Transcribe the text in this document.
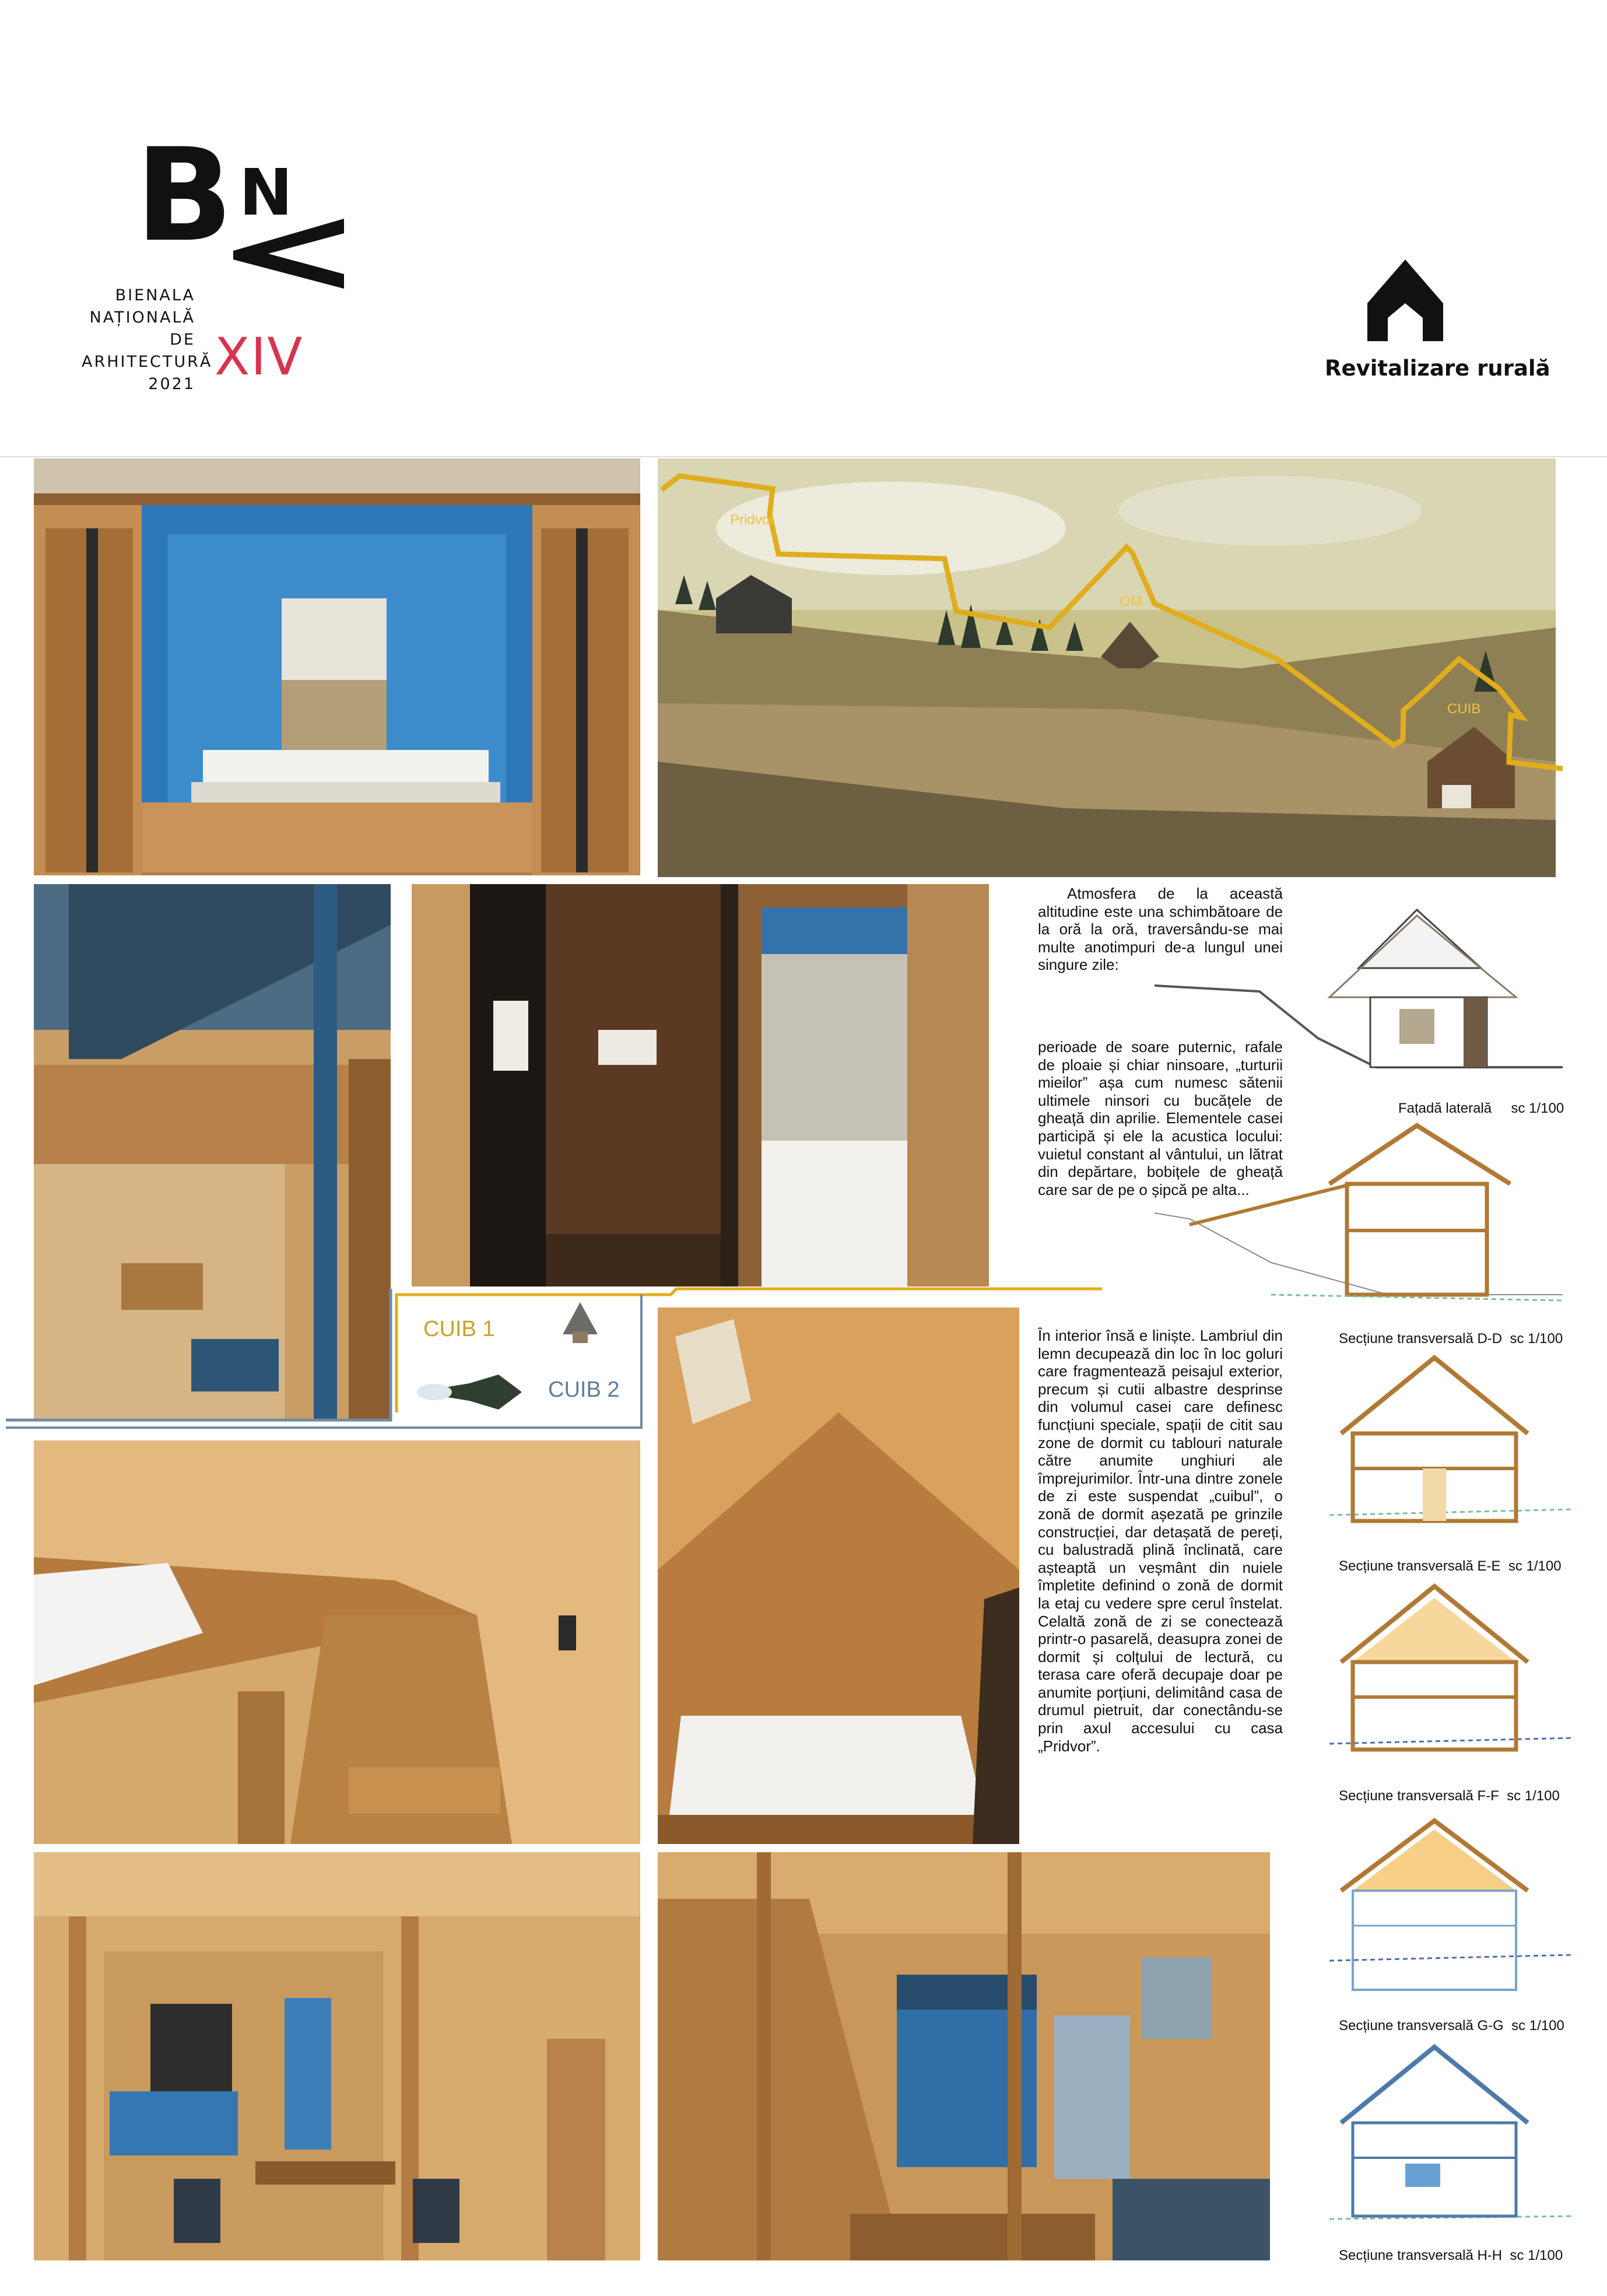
B N
BIENALA
NAȚIONALĂ
DE
ARHITECTURĂ
2021 XIV	Revitalizare rurală
Pridvor
OM
CUIB
CUIB 1
CUIB 2
Atmosfera de la această altitudine este una schimbătoare de la oră la oră, traversându-se mai multe anotimpuri de-a lungul unei singure zile:
perioade de soare puternic, rafale de ploaie și chiar ninsoare, „turturii mieilor” așa cum numesc sătenii ultimele ninsori cu bucățele de gheață din aprilie. Elementele casei participă și ele la acustica locului: vuietul constant al vântului, un lătrat din depărtare, bobițele de gheață care sar de pe o șipcă pe alta...
În interior însă e liniște. Lambriul din lemn decupează din loc în loc goluri care fragmentează peisajul exterior, precum și cutii albastre desprinse din volumul casei care definesc funcțiuni speciale, spații de citit sau zone de dormit cu tablouri naturale către anumite unghiuri ale împrejurimilor. Într-una dintre zonele de zi este suspendat „cuibul”, o zonă de dormit așezată pe grinzile construcției, dar detașată de pereți, cu balustradă plină înclinată, care așteaptă un veșmânt din nuiele împletite definind o zonă de dormit la etaj cu vedere spre cerul înstelat. Celaltă zonă de zi se conectează printr-o pasarelă, deasupra zonei de dormit și colțului de lectură, cu terasa care oferă decupaje doar pe anumite porțiuni, delimitând casa de drumul pietruit, dar conectându-se prin axul accesului cu casa „Pridvor”.
Fațadă laterală sc 1/100
Secțiune transversală D-D sc 1/100
Secțiune transversală E-E sc 1/100
Secțiune transversală F-F sc 1/100
Secțiune transversală G-G sc 1/100
Secțiune transversală H-H sc 1/100
